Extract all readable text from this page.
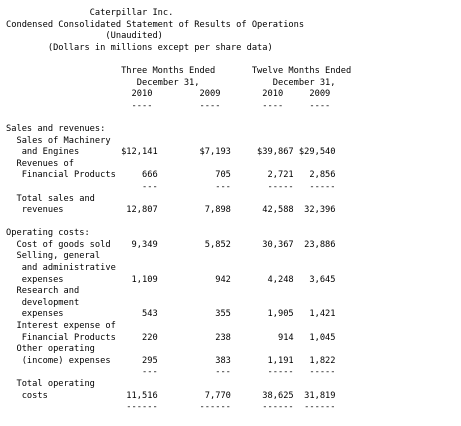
Caterpillar Inc.
Condensed Consolidated Statement of Results of Operations
(Unaudited)
(Dollars in millions except per share data)

Three Months Ended       Twelve Months Ended
December 31,              December 31,
2010         2009        2010     2009
----         ----        ----     ----

Sales and revenues:
Sales of Machinery
and Engines        $12,141        $7,193     $39,867 $29,540
Revenues of
Financial Products     666           705       2,721   2,856
---           ---       -----   -----
Total sales and
revenues            12,807         7,898      42,588  32,396

Operating costs:
Cost of goods sold    9,349         5,852      30,367  23,886
Selling, general
and administrative
expenses             1,109           942       4,248   3,645
Research and
development
expenses               543           355       1,905   1,421
Interest expense of
Financial Products     220           238         914   1,045
Other operating
(income) expenses      295           383       1,191   1,822
---           ---       -----   -----
Total operating
costs               11,516         7,770      38,625  31,819
------        ------      ------  ------
